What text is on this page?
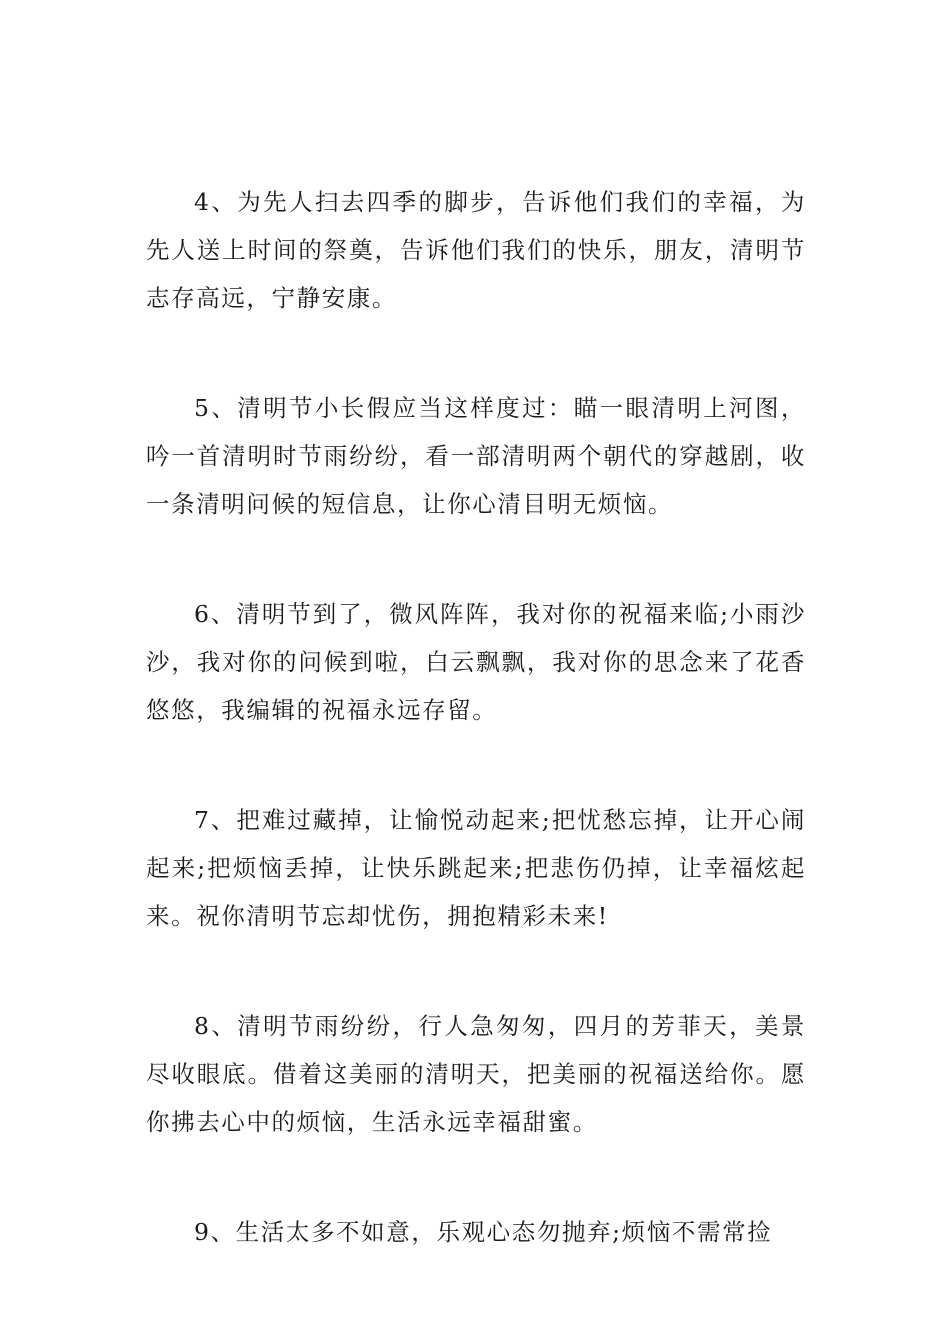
4、为先人扫去四季的脚步，告诉他们我们的幸福，为先人送上时间的祭奠，告诉他们我们的快乐，朋友，清明节志存高远，宁静安康。

5、清明节小长假应当这样度过：瞄一眼清明上河图，吟一首清明时节雨纷纷，看一部清明两个朝代的穿越剧，收一条清明问候的短信息，让你心清目明无烦恼。

6、清明节到了，微风阵阵，我对你的祝福来临;小雨沙沙，我对你的问候到啦，白云飘飘，我对你的思念来了花香悠悠，我编辑的祝福永远存留。

7、把难过藏掉，让愉悦动起来;把忧愁忘掉，让开心闹起来;把烦恼丢掉，让快乐跳起来;把悲伤仍掉，让幸福炫起来。祝你清明节忘却忧伤，拥抱精彩未来!

8、清明节雨纷纷，行人急匆匆，四月的芳菲天，美景尽收眼底。借着这美丽的清明天，把美丽的祝福送给你。愿你拂去心中的烦恼，生活永远幸福甜蜜。

9、生活太多不如意，乐观心态勿抛弃;烦恼不需常捡
